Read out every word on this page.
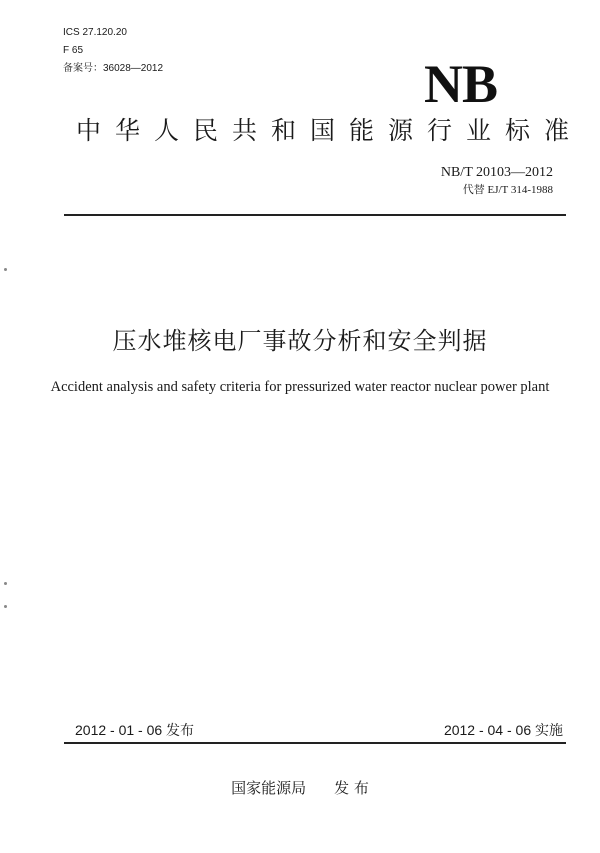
ICS 27.120.20
F 65
备案号：36028—2012	NB
中华人民共和国能源行业标准
NB/T 20103—2012
代替 EJ/T 314-1988
压水堆核电厂事故分析和安全判据
Accident analysis and safety criteria for pressurized water reactor nuclear power plant
2012 - 01 - 06 发布	2012 - 04 - 06 实施
国家能源局 发 布
